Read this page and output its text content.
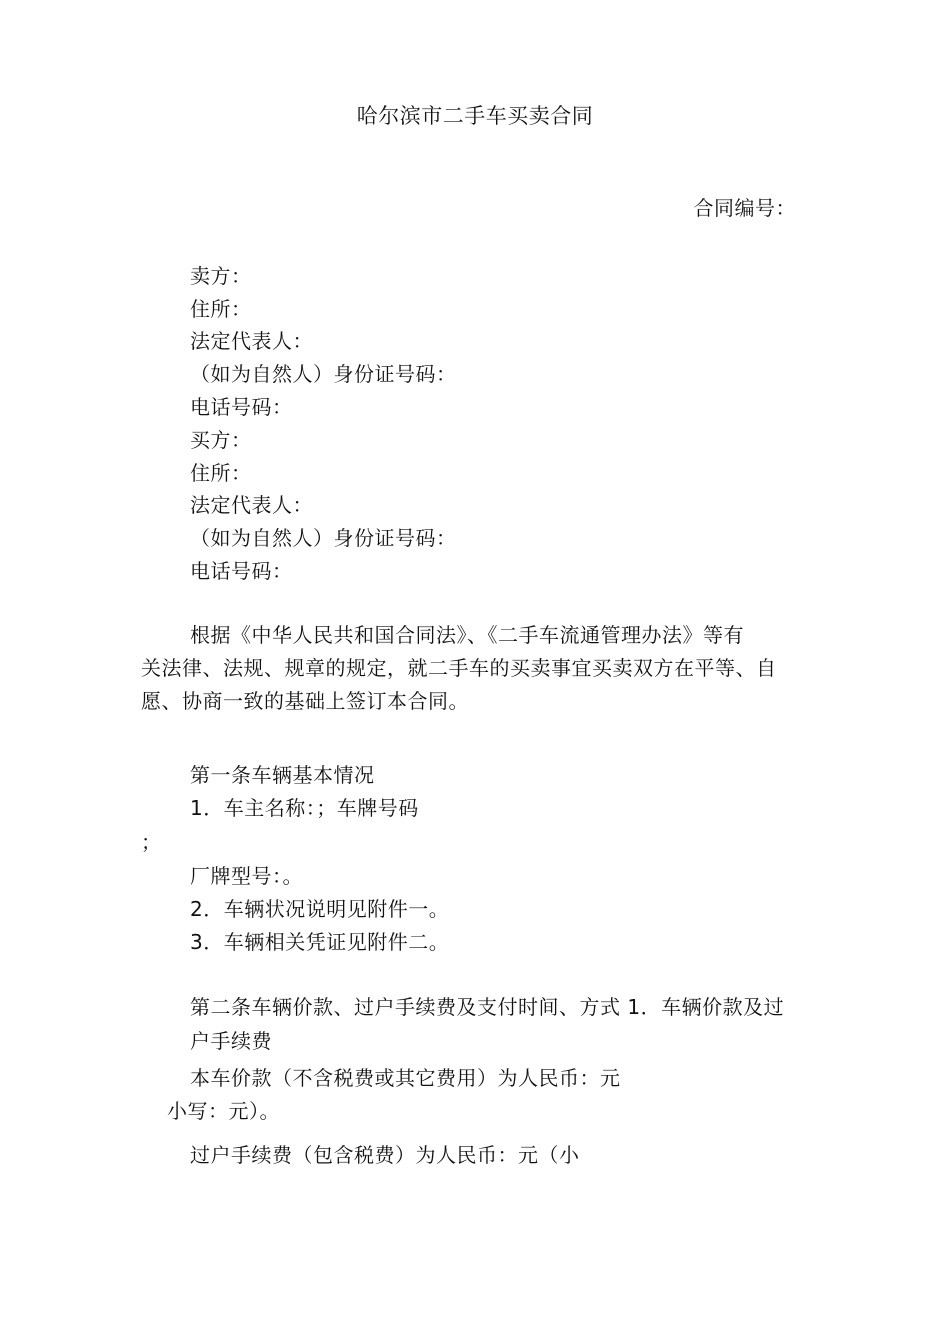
哈尔滨市二手车买卖合同
合同编号：
卖方：
住所：
法定代表人：
（如为自然人）身份证号码：
电话号码：
买方：
住所：
法定代表人：
（如为自然人）身份证号码：
电话号码：
根据《中华人民共和国合同法》、《二手车流通管理办法》等有
关法律、法规、规章的规定，就二手车的买卖事宜买卖双方在平等、自
愿、协商一致的基础上签订本合同。
第一条车辆基本情况
1．车主名称：；车牌号码
；
厂牌型号：。
2．车辆状况说明见附件一。
3．车辆相关凭证见附件二。
第二条车辆价款、过户手续费及支付时间、方式 1．车辆价款及过
户手续费
本车价款（不含税费或其它费用）为人民币：元
小写：元）。
过户手续费（包含税费）为人民币：元（小
